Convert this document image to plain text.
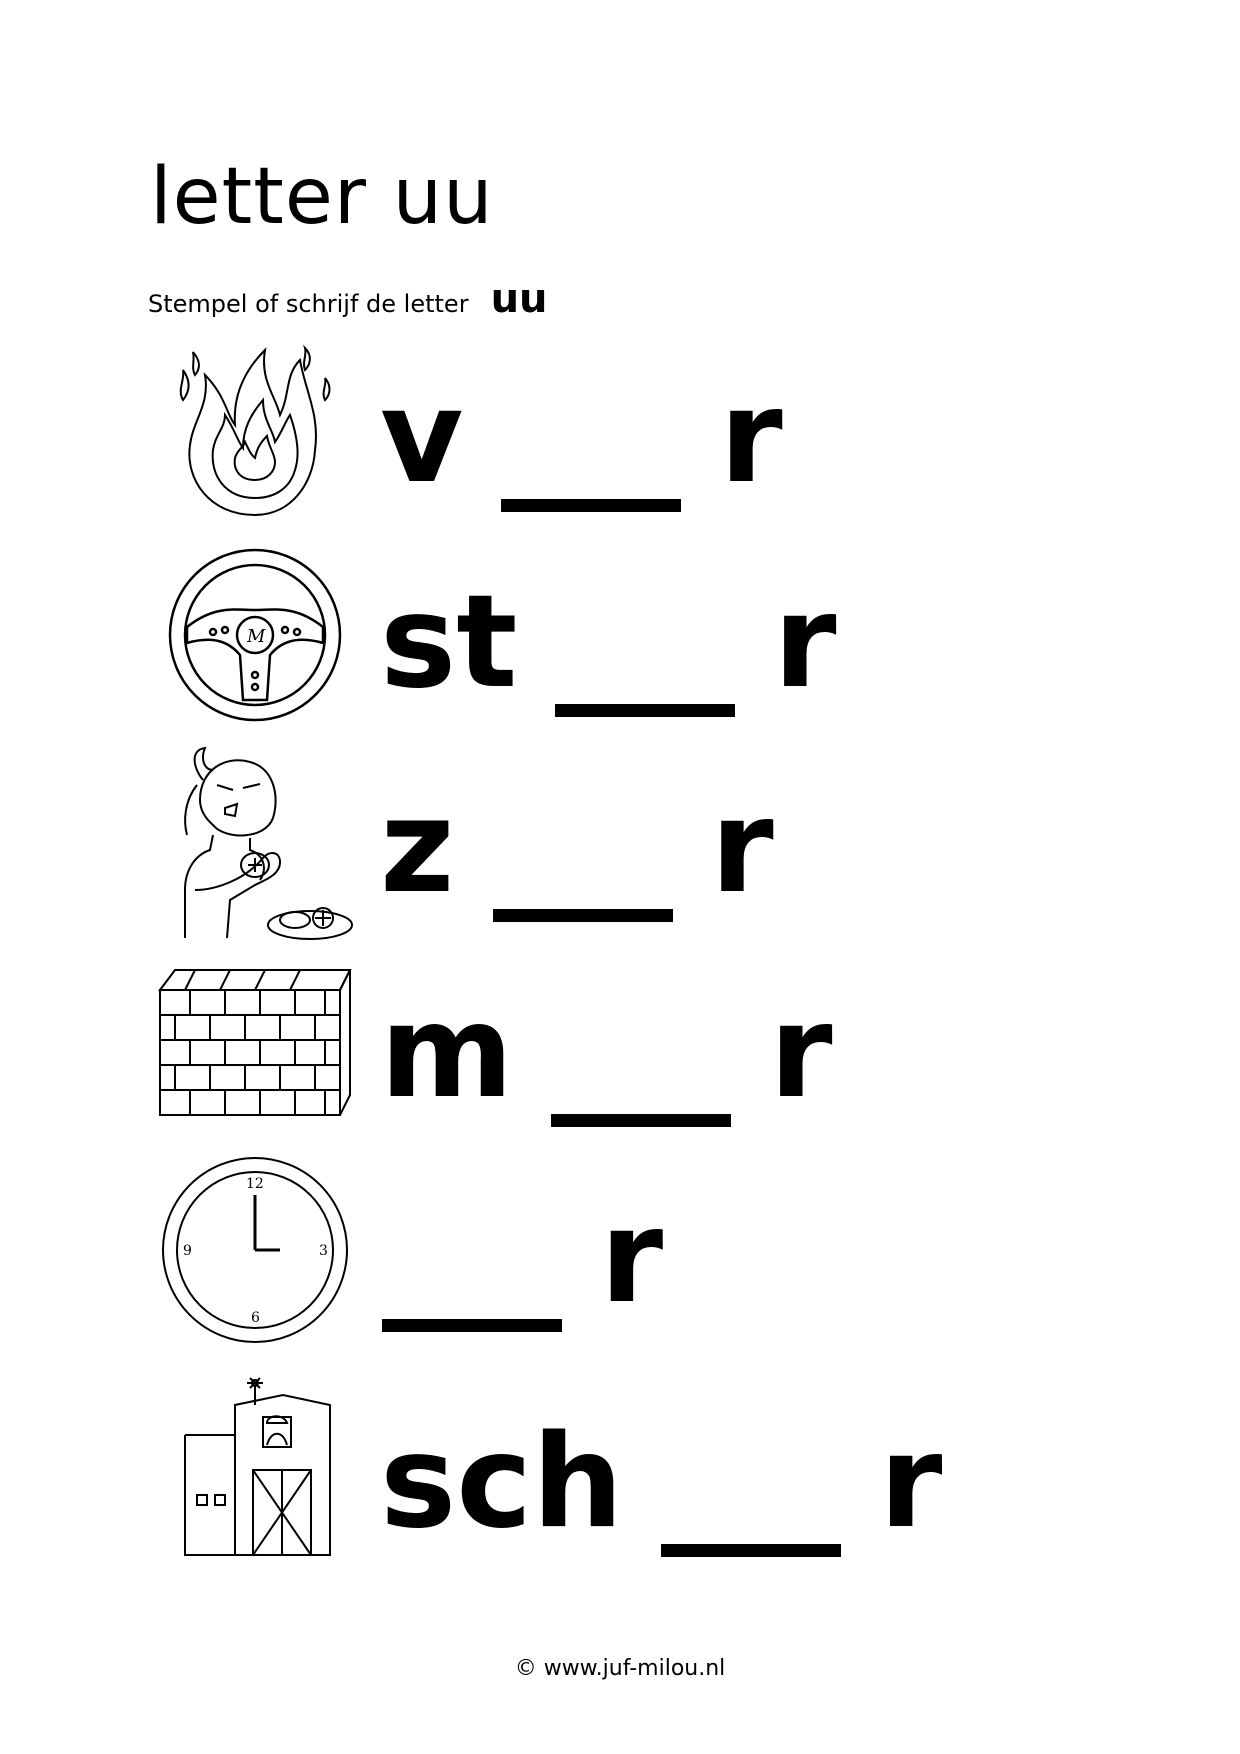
letter uu
Stempel of schrijf de letter uu
v r
M st r
z r
m r
12
3
6
9	r
sch r
© www.juf-milou.nl
